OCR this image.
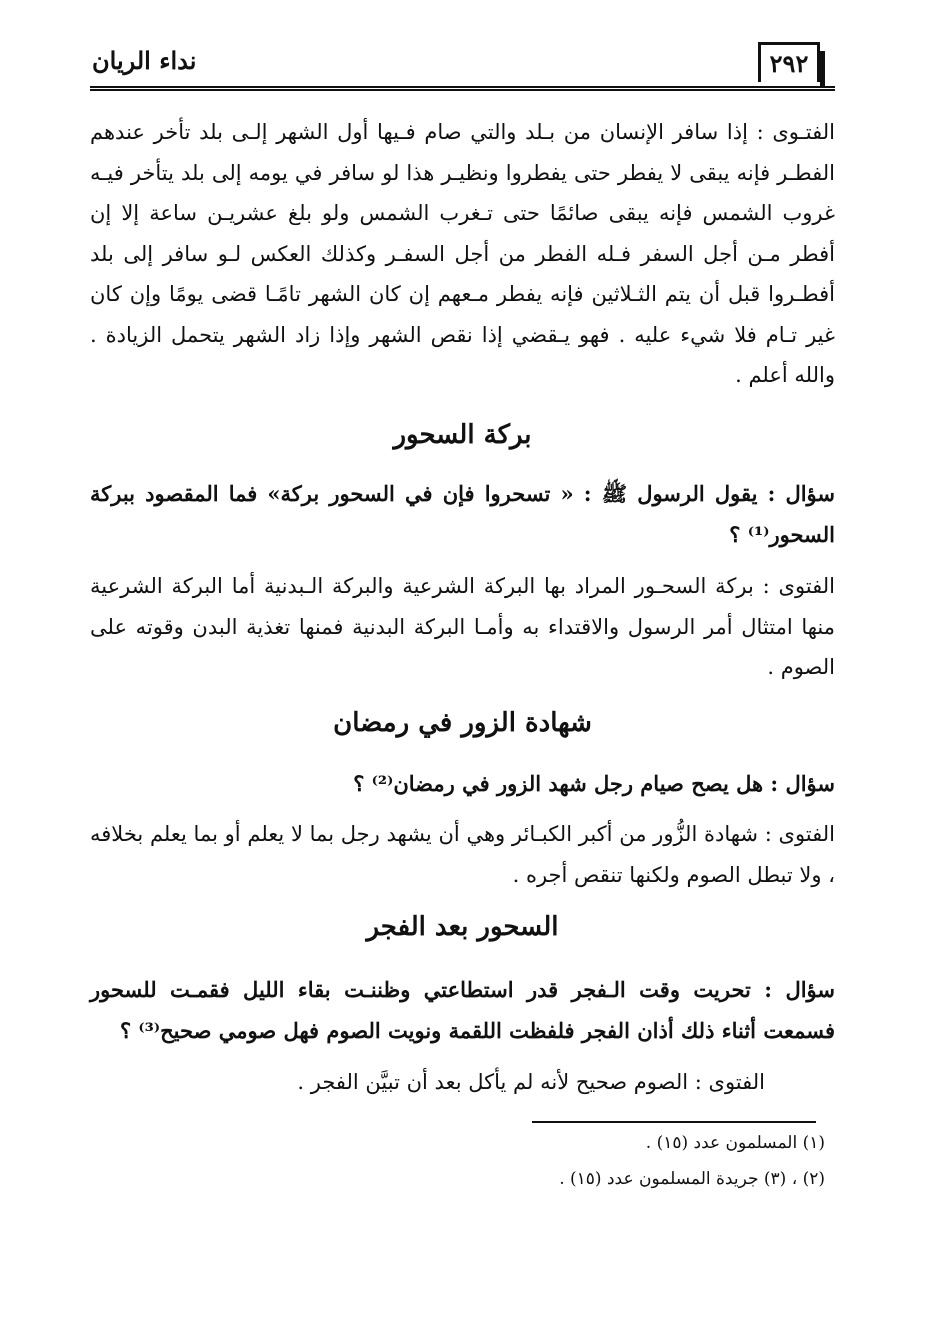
نداء الريان	٢٩٢
الفتـوى : إذا سافر الإنسان من بـلد والتي صام فـيها أول الشهر إلـى بلد تأخر عندهم الفطـر فإنه يبقى لا يفطر حتى يفطروا ونظيـر هذا لو سافر في يومه إلى بلد يتأخر فيـه غروب الشمس فإنه يبقى صائمًا حتى تـغرب الشمس ولو بلغ عشريـن ساعة إلا إن أفطر مـن أجل السفر فـله الفطر من أجل السفـر وكذلك العكس لـو سافر إلى بلد أفطـروا قبل أن يتم الثـلاثين فإنه يفطر مـعهم إن كان الشهر تامًـا قضى يومًا وإن كان غير تـام فلا شيء عليه . فهو يـقضي إذا نقص الشهر وإذا زاد الشهر يتحمل الزيادة . والله أعلم .
بركة السحور
سؤال : يقول الرسول ﷺ : « تسحروا فإن في السحور بركة» فما المقصود ببركة السحور⁽¹⁾ ؟
الفتوى : بركة السحـور المراد بها البركة الشرعية والبركة الـبدنية أما البركة الشرعية منها امتثال أمر الرسول والاقتداء به وأمـا البركة البدنية فمنها تغذية البدن وقوته على الصوم .
شهادة الزور في رمضان
سؤال : هل يصح صيام رجل شهد الزور في رمضان⁽²⁾ ؟
الفتوى : شهادة الزُّور من أكبر الكبـائر وهي أن يشهد رجل بما لا يعلم أو بما يعلم بخلافه ، ولا تبطل الصوم ولكنها تنقص أجره .
السحور بعد الفجر
سؤال : تحريت وقت الـفجر قدر استطاعتي وظننـت بقاء الليل فقمـت للسحور فسمعت أثناء ذلك أذان الفجر فلفظت اللقمة ونويت الصوم فهل صومي صحيح⁽³⁾ ؟
الفتوى : الصوم صحيح لأنه لم يأكل بعد أن تبيَّن الفجر .
(١) المسلمون عدد (١٥) .
(٢) ، (٣) جريدة المسلمون عدد (١٥) .
